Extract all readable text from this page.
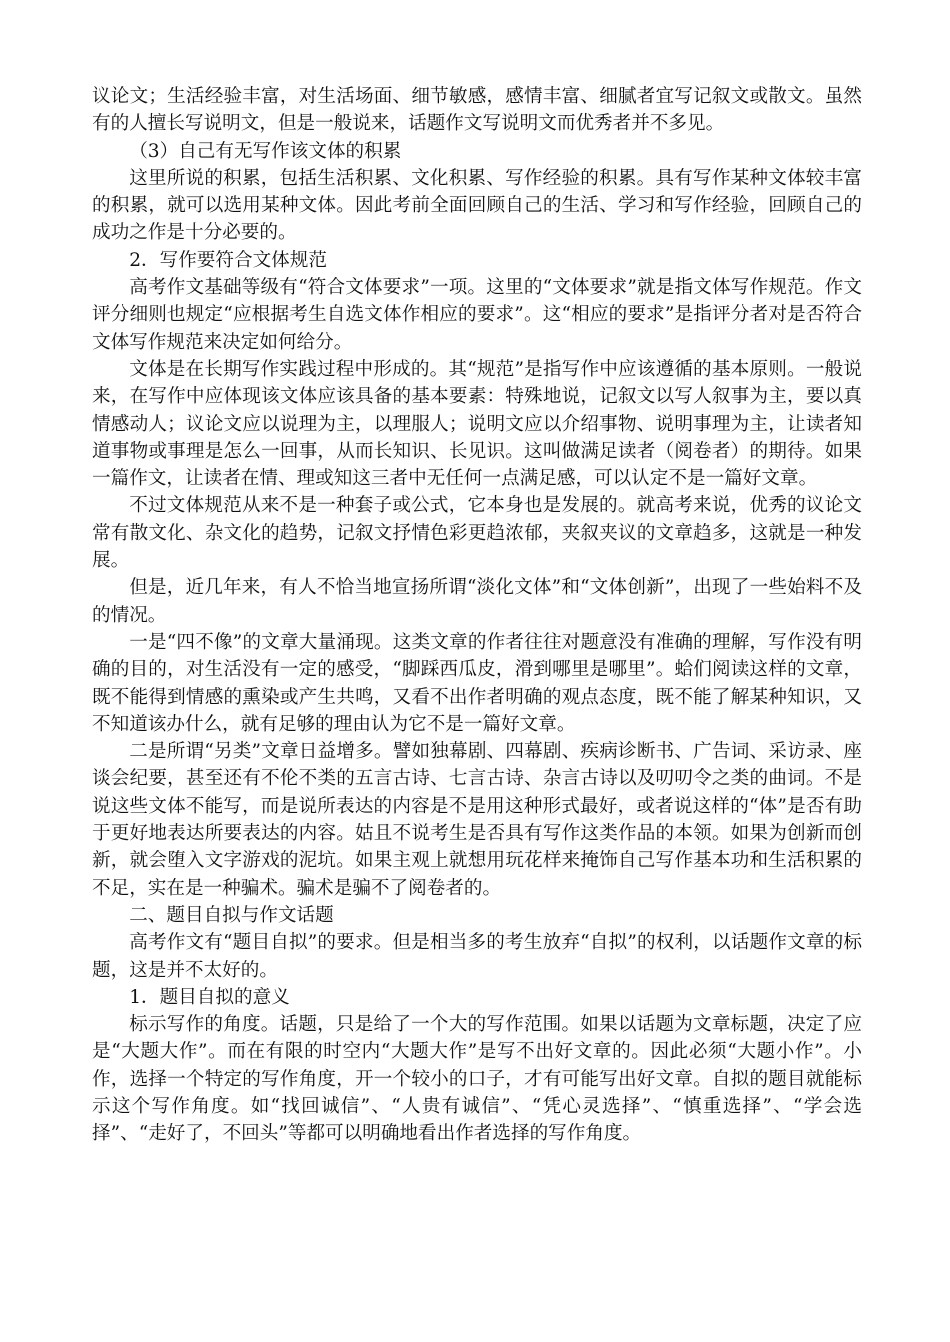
议论文；生活经验丰富，对生活场面、细节敏感，感情丰富、细腻者宜写记叙文或散文。虽然有的人擅长写说明文，但是一般说来，话题作文写说明文而优秀者并不多见。

（3）自己有无写作该文体的积累

这里所说的积累，包括生活积累、文化积累、写作经验的积累。具有写作某种文体较丰富的积累，就可以选用某种文体。因此考前全面回顾自己的生活、学习和写作经验，回顾自己的成功之作是十分必要的。

2．写作要符合文体规范

高考作文基础等级有“符合文体要求”一项。这里的“文体要求”就是指文体写作规范。作文评分细则也规定“应根据考生自选文体作相应的要求”。这“相应的要求”是指评分者对是否符合文体写作规范来决定如何给分。

文体是在长期写作实践过程中形成的。其“规范”是指写作中应该遵循的基本原则。一般说来，在写作中应体现该文体应该具备的基本要素：特殊地说，记叙文以写人叙事为主，要以真情感动人；议论文应以说理为主，以理服人；说明文应以介绍事物、说明事理为主，让读者知道事物或事理是怎么一回事，从而长知识、长见识。这叫做满足读者（阅卷者）的期待。如果一篇作文，让读者在情、理或知这三者中无任何一点满足感，可以认定不是一篇好文章。

不过文体规范从来不是一种套子或公式，它本身也是发展的。就高考来说，优秀的议论文常有散文化、杂文化的趋势，记叙文抒情色彩更趋浓郁，夹叙夹议的文章趋多，这就是一种发展。

但是，近几年来，有人不恰当地宣扬所谓“淡化文体”和“文体创新”，出现了一些始料不及的情况。

一是“四不像”的文章大量涌现。这类文章的作者往往对题意没有准确的理解，写作没有明确的目的，对生活没有一定的感受，“脚踩西瓜皮，滑到哪里是哪里”。蛤们阅读这样的文章，既不能得到情感的熏染或产生共鸣，又看不出作者明确的观点态度，既不能了解某种知识，又不知道该办什么，就有足够的理由认为它不是一篇好文章。

二是所谓“另类”文章日益增多。譬如独幕剧、四幕剧、疾病诊断书、广告词、采访录、座谈会纪要，甚至还有不伦不类的五言古诗、七言古诗、杂言古诗以及叨叨令之类的曲词。不是说这些文体不能写，而是说所表达的内容是不是用这种形式最好，或者说这样的“体”是否有助于更好地表达所要表达的内容。姑且不说考生是否具有写作这类作品的本领。如果为创新而创新，就会堕入文字游戏的泥坑。如果主观上就想用玩花样来掩饰自己写作基本功和生活积累的不足，实在是一种骗术。骗术是骗不了阅卷者的。

二、题目自拟与作文话题

高考作文有“题目自拟”的要求。但是相当多的考生放弃“自拟”的权利，以话题作文章的标题，这是并不太好的。

1．题目自拟的意义

标示写作的角度。话题，只是给了一个大的写作范围。如果以话题为文章标题，决定了应是“大题大作”。而在有限的时空内“大题大作”是写不出好文章的。因此必须“大题小作”。小作，选择一个特定的写作角度，开一个较小的口子，才有可能写出好文章。自拟的题目就能标示这个写作角度。如“找回诚信”、“人贵有诚信”、“凭心灵选择”、“慎重选择”、“学会选择”、“走好了，不回头”等都可以明确地看出作者选择的写作角度。
